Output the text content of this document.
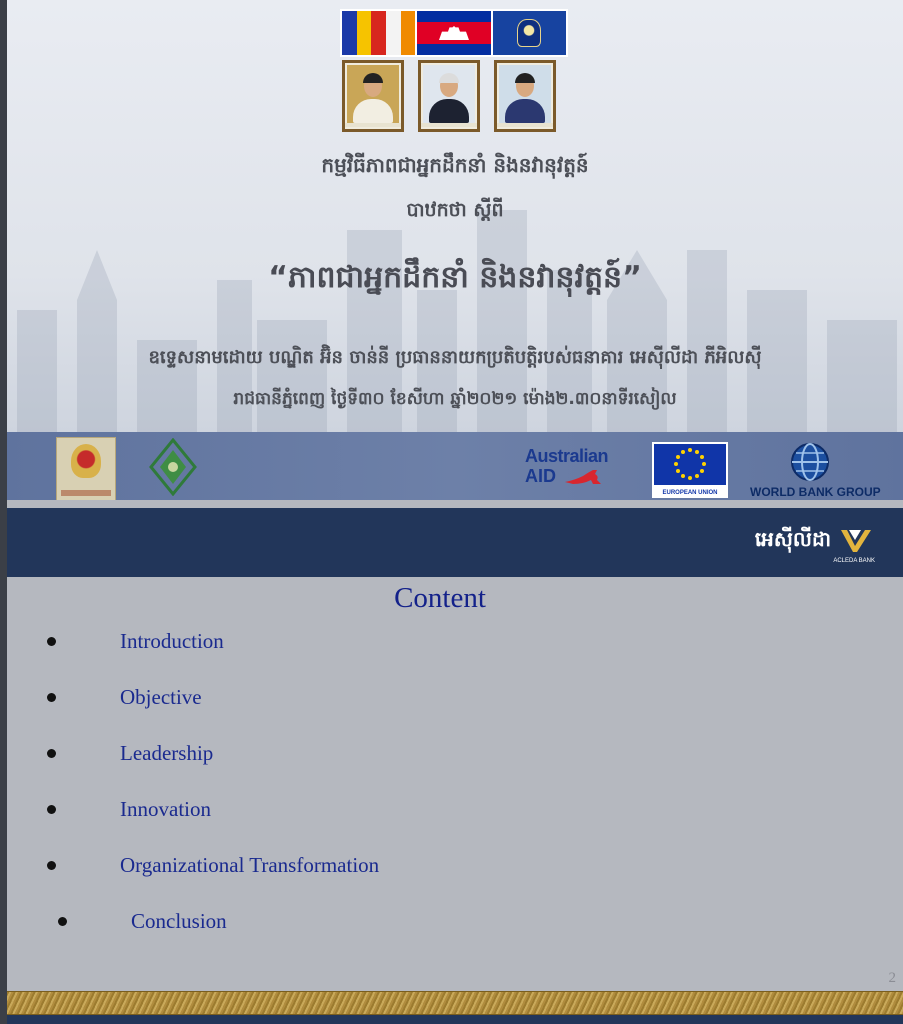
កម្មវិធីភាពជាអ្នកដឹកនាំ និងនវានុវត្តន៍
បាឋកថា ស្ដីពី
“ភាពជាអ្នកដឹកនាំ និងនវានុវត្តន៍”
ឧទ្ទេសនាមដោយ បណ្ឌិត អ៊ិន ចាន់នី ប្រធាននាយកប្រតិបត្តិរបស់ធនាគារ អេស៊ីលីដា ភីអិលស៊ី
រាជធានីភ្នំពេញ ថ្ងៃទី៣០ ខែសីហា ឆ្នាំ២០២១ ម៉ោង២.៣០នាទីរសៀល
Australian
AID
EUROPEAN UNION	WORLD BANK GROUP
អេស៊ីលីដា
ACLEDA BANK
Content
Introduction
Objective
Leadership
Innovation
Organizational Transformation
Conclusion
2
